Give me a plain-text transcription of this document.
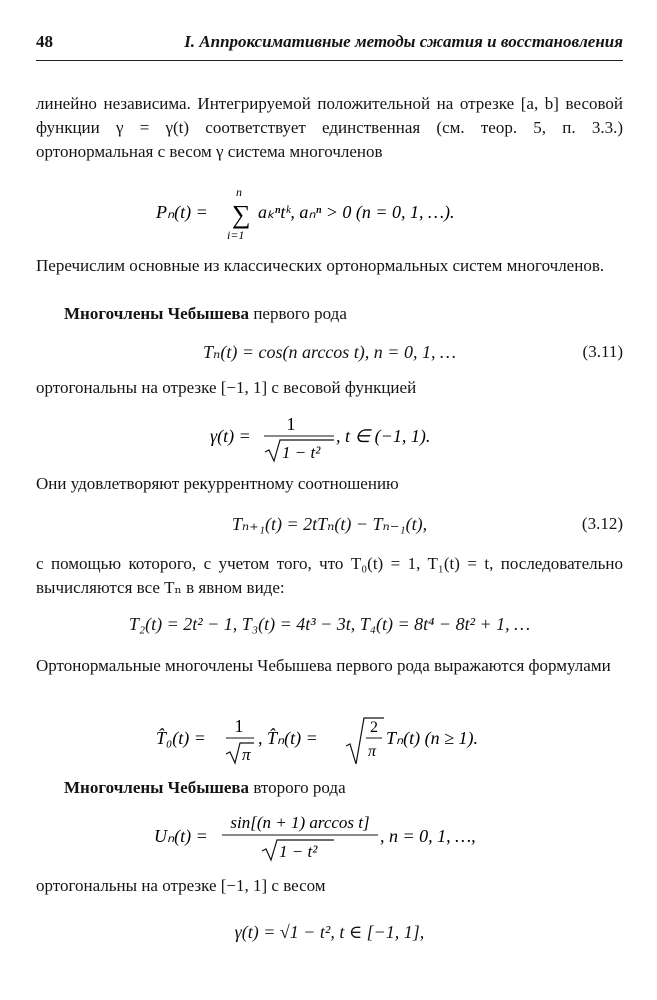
48	I. Аппроксимативные методы сжатия и восстановления

линейно независима. Интегрируемой положительной на отрезке [a, b] весовой функции γ = γ(t) соответствует единственная (см. теор. 5, п. 3.3.) ортонормальная с весом γ система многочленов

Pₙ(t) =
n
∑
i=1
aₖⁿtᵏ, aₙⁿ > 0 (n = 0, 1, …).

Перечислим основные из классических ортонормальных систем многочленов.

Многочлены Чебышева первого рода

Tₙ(t) = cos(n arccos t), n = 0, 1, …	(3.11)

ортогональны на отрезке [−1, 1] с весовой функцией

γ(t) =
1
1 − t²
, t ∈ (−1, 1).

Они удовлетворяют рекуррентному соотношению

Tₙ₊₁(t) = 2tTₙ(t) − Tₙ₋₁(t),	(3.12)

с помощью которого, с учетом того, что T₀(t) = 1, T₁(t) = t, последовательно вычисляются все Tₙ в явном виде:

T₂(t) = 2t² − 1, T₃(t) = 4t³ − 3t, T₄(t) = 8t⁴ − 8t² + 1, …

Ортонормальные многочлены Чебышева первого рода выражаются формулами

T̂₀(t) =
1
π
, T̂ₙ(t) =
2
π
Tₙ(t) (n ≥ 1).

Многочлены Чебышева второго рода

Uₙ(t) =
sin[(n + 1) arccos t]
1 − t²
, n = 0, 1, …,

ортогональны на отрезке [−1, 1] с весом

γ(t) = √1 − t², t ∈ [−1, 1],
